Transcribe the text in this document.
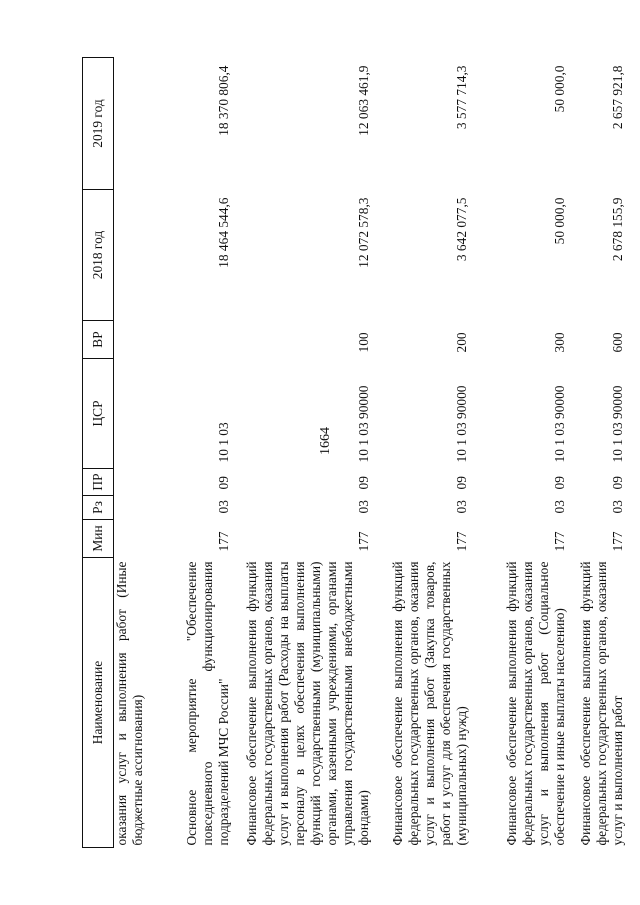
1664
Наименование	Мин	Рз	ПР	ЦСР	ВР	2018 год	2019 год
оказания услуг и выполнения работ (Иные бюджетные ассигнования)							
Основное мероприятие "Обеспечение повседневного функционирования подразделений МЧС России"	177	03	09	10 1 03		18 464 544,6	18 370 806,4
Финансовое обеспечение выполнения функций федеральных государственных органов, оказания услуг и выполнения работ (Расходы на выплаты персоналу в целях обеспечения выполнения функций государственными (муниципальными) органами, казенными учреждениями, органами управления государственными внебюджетными фондами)	177	03	09	10 1 03 90000	100	12 072 578,3	12 063 461,9
Финансовое обеспечение выполнения функций федеральных государственных органов, оказания услуг и выполнения работ (Закупка товаров, работ и услуг для обеспечения государственных (муниципальных) нужд)	177	03	09	10 1 03 90000	200	3 642 077,5	3 577 714,3
Финансовое обеспечение выполнения функций федеральных государственных органов, оказания услуг и выполнения работ (Социальное обеспечение и иные выплаты населению)	177	03	09	10 1 03 90000	300	50 000,0	50 000,0
Финансовое обеспечение выполнения функций федеральных государственных органов, оказания услуг и выполнения работ	177	03	09	10 1 03 90000	600	2 678 155,9	2 657 921,8
